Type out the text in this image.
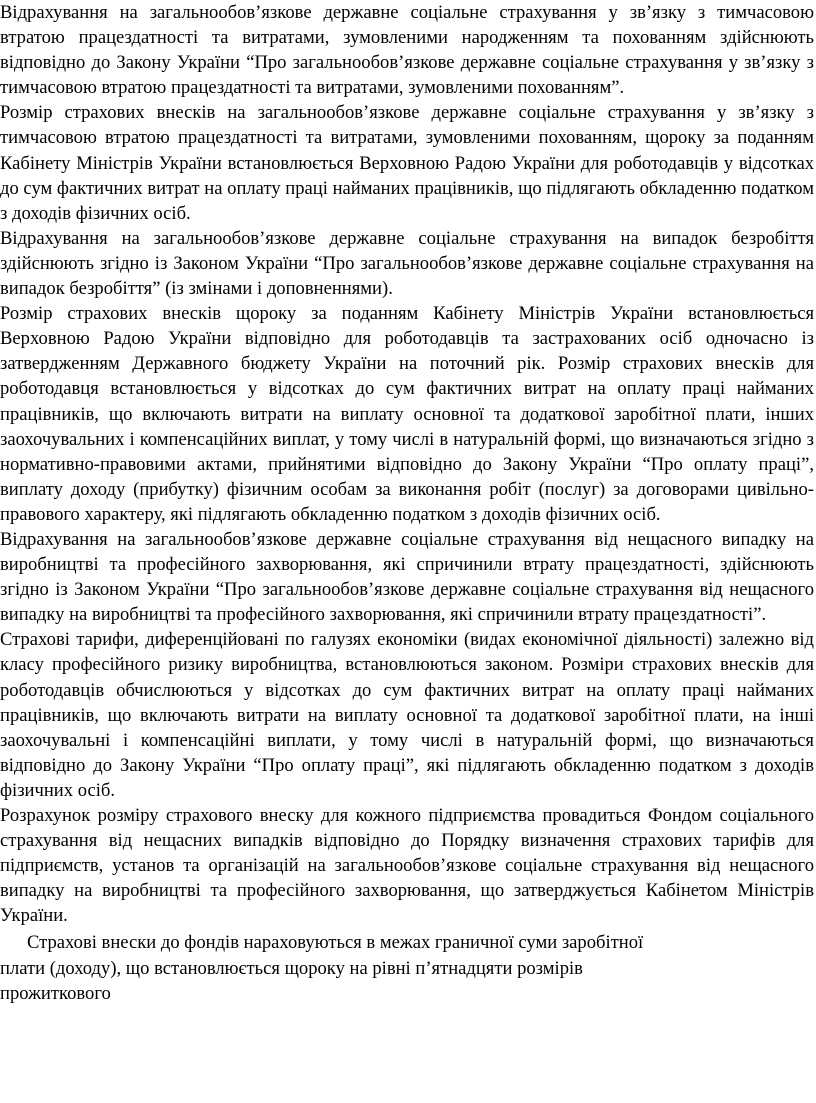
Відрахування на загальнообов’язкове державне соціальне страхування у зв’язку з тимчасовою втратою працездатності та витратами, зумовленими народженням та похованням здійснюють відповідно до Закону України “Про загальнообов’язкове державне соціальне страхування у зв’язку з тимчасовою втратою працездатності та витратами, зумовленими похованням”.

Розмір страхових внесків на загальнообов’язкове державне соціальне страхування у зв’язку з тимчасовою втратою працездатності та витратами, зумовленими похованням, щороку за поданням Кабінету Міністрів України встановлюється Верховною Радою України для роботодавців у відсотках до сум фактичних витрат на оплату праці найманих працівників, що підлягають обкладенню податком з доходів фізичних осіб.

Відрахування на загальнообов’язкове державне соціальне страхування на випадок безробіття здійснюють згідно із Законом України “Про загальнообов’язкове державне соціальне страхування на випадок безробіття” (із змінами і доповненнями).

Розмір страхових внесків щороку за поданням Кабінету Міністрів України встановлюється Верховною Радою України відповідно для роботодавців та застрахованих осіб одночасно із затвердженням Державного бюджету України на поточний рік. Розмір страхових внесків для роботодавця встановлюється у відсотках до сум фактичних витрат на оплату праці найманих працівників, що включають витрати на виплату основної та додаткової заробітної плати, інших заохочувальних і компенсаційних виплат, у тому числі в натуральній формі, що визначаються згідно з нормативно-правовими актами, прийнятими відповідно до Закону України “Про оплату праці”, виплату доходу (прибутку) фізичним особам за виконання робіт (послуг) за договорами цивільно-правового характеру, які підлягають обкладенню податком з доходів фізичних осіб.

Відрахування на загальнообов’язкове державне соціальне страхування від нещасного випадку на виробництві та професійного захворювання, які спричинили втрату працездатності, здійснюють згідно із Законом України “Про загальнообов’язкове державне соціальне страхування від нещасного випадку на виробництві та професійного захворювання, які спричинили втрату працездатності”.

Страхові тарифи, диференційовані по галузях економіки (видах економічної діяльності) залежно від класу професійного ризику виробництва, встановлюються законом. Розміри страхових внесків для роботодавців обчислюються у відсотках до сум фактичних витрат на оплату праці найманих працівників, що включають витрати на виплату основної та додаткової заробітної плати, на інші заохочувальні і компенсаційні виплати, у тому числі в натуральній формі, що визначаються відповідно до Закону України “Про оплату праці”, які підлягають обкладенню податком з доходів фізичних осіб.

Розрахунок розміру страхового внеску для кожного підприємства провадиться Фондом соціального страхування від нещасних випадків відповідно до Порядку визначення страхових тарифів для підприємств, установ та організацій на загальнообов’язкове соціальне страхування від нещасного випадку на виробництві та професійного захворювання, що затверджується Кабінетом Міністрів України.

Страхові внески до фондів нараховуються в межах граничної суми заробітної
плати (доходу), що встановлюється щороку на рівні п’ятнадцяти розмірів
прожиткового
